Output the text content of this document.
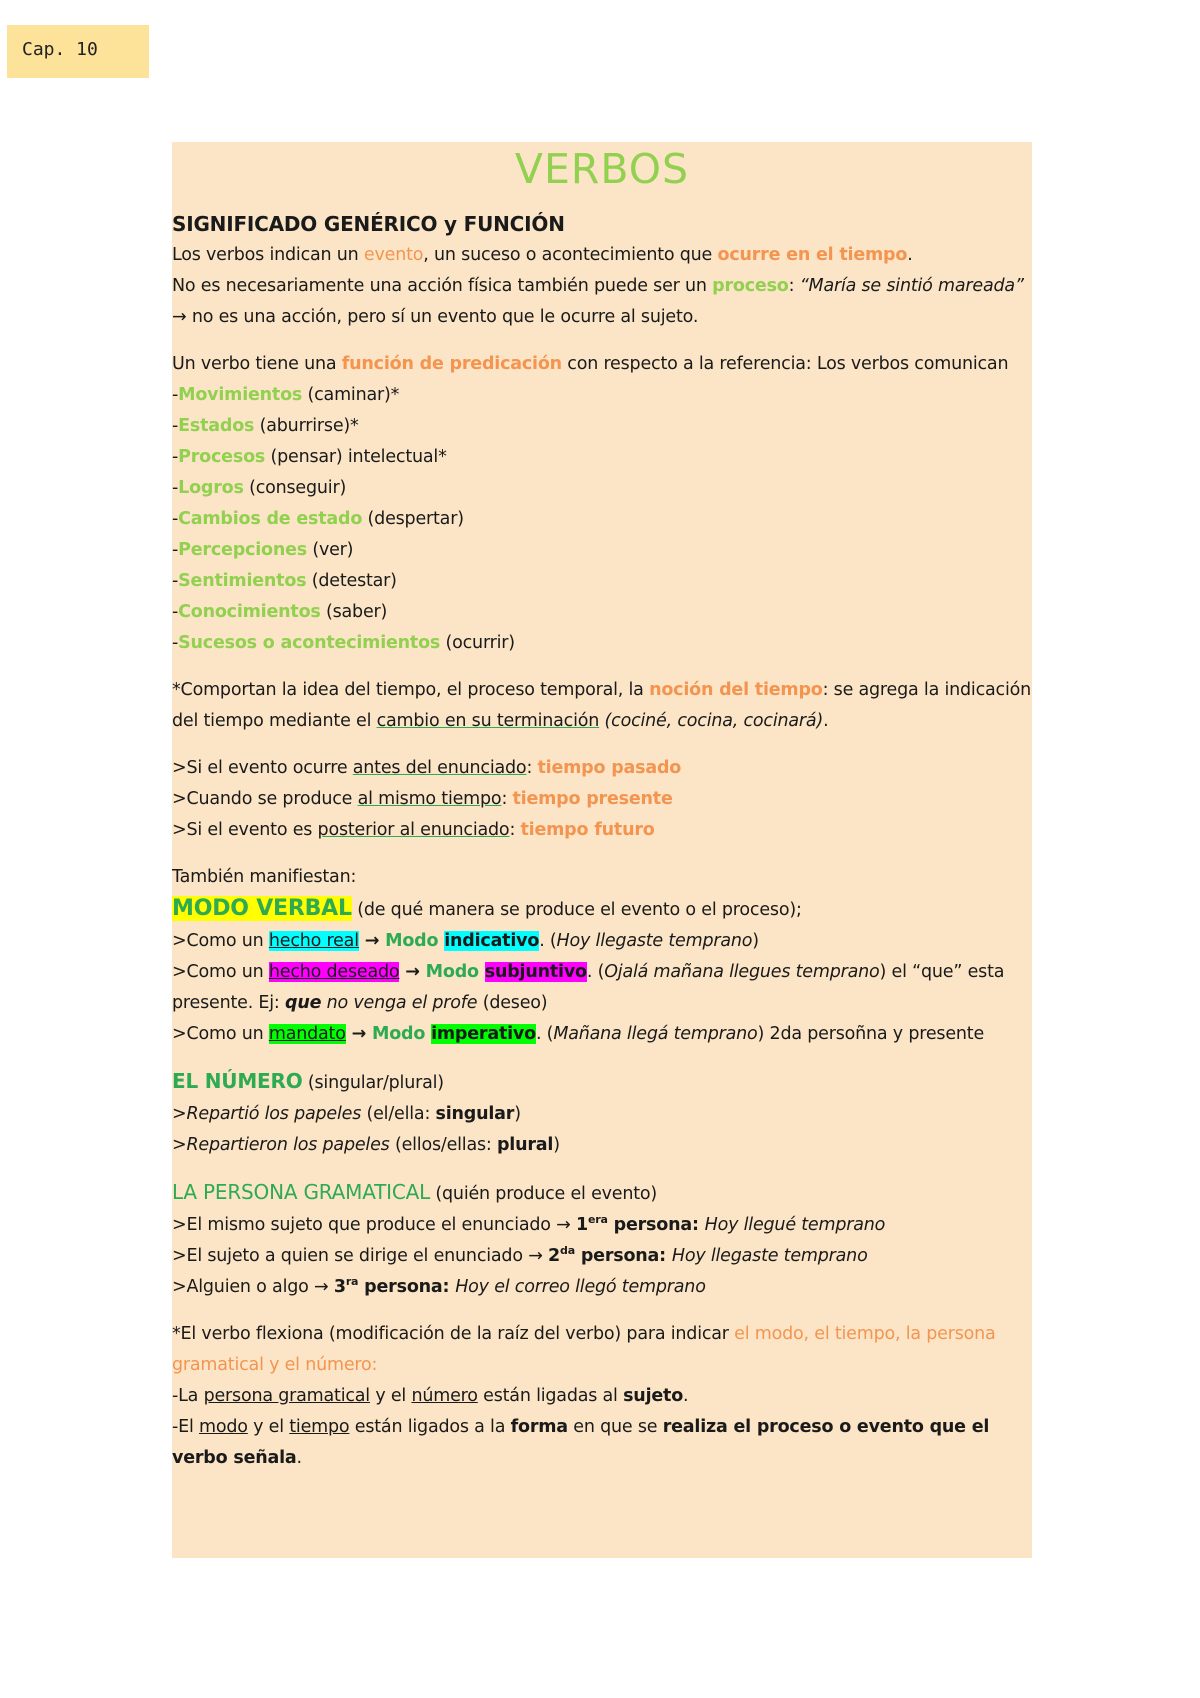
Cap. 10
VERBOS
SIGNIFICADO GENÉRICO y FUNCIÓN

Los verbos indican un evento, un suceso o acontecimiento que ocurre en el tiempo.

No es necesariamente una acción física también puede ser un proceso: “María se sintió mareada” → no es una acción, pero sí un evento que le ocurre al sujeto.

Un verbo tiene una función de predicación con respecto a la referencia: Los verbos comunican

-Movimientos (caminar)*

-Estados (aburrirse)*

-Procesos (pensar) intelectual*

-Logros (conseguir)

-Cambios de estado (despertar)

-Percepciones (ver)

-Sentimientos (detestar)

-Conocimientos (saber)

-Sucesos o acontecimientos (ocurrir)

*Comportan la idea del tiempo, el proceso temporal, la noción del tiempo: se agrega la indicación del tiempo mediante el cambio en su terminación (cociné, cocina, cocinará).

>Si el evento ocurre antes del enunciado: tiempo pasado

>Cuando se produce al mismo tiempo: tiempo presente

>Si el evento es posterior al enunciado: tiempo futuro

También manifiestan:

MODO VERBAL (de qué manera se produce el evento o el proceso);

>Como un hecho real → Modo indicativo. (Hoy llegaste temprano)

>Como un hecho deseado → Modo subjuntivo. (Ojalá mañana llegues temprano) el “que” esta presente. Ej: que no venga el profe (deseo)

>Como un mandato → Modo imperativo. (Mañana llegá temprano) 2da persoñna y presente

EL NÚMERO (singular/plural)

>Repartió los papeles (el/ella: singular)

>Repartieron los papeles (ellos/ellas: plural)

LA PERSONA GRAMATICAL (quién produce el evento)

>El mismo sujeto que produce el enunciado → $1^{era}$ persona: Hoy llegué temprano

>El sujeto a quien se dirige el enunciado → $2^{da}$ persona: Hoy llegaste temprano

>Alguien o $algo \to 3^{ra}$ persona: Hoy el correo llegó temprano

*El verbo flexiona (modificación de la raíz del verbo) para indicar el modo, el tiempo, la persona gramatical y el número:

-La persona gramatical y el número están ligadas al sujeto.

-El modo y el tiempo están ligados a la forma en que se realiza el proceso o evento que el verbo señala.
